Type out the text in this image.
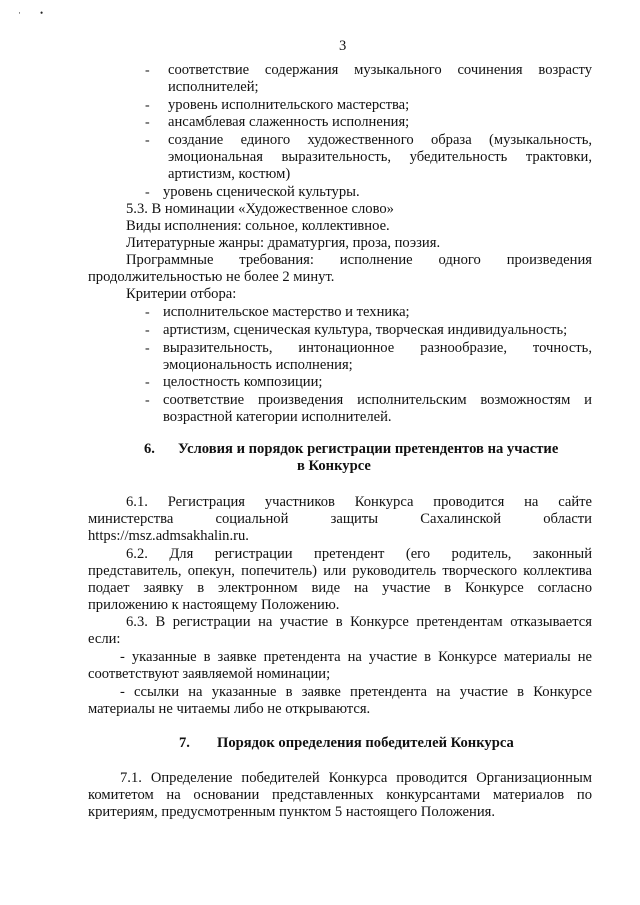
· •
3
- соответствие содержания музыкального сочинения возрасту
исполнителей;
- уровень исполнительского мастерства;
- ансамблевая слаженность исполнения;
- создание единого художественного образа (музыкальность,
эмоциональная выразительность, убедительность трактовки,
артистизм, костюм)
- уровень сценической культуры.
5.3. В номинации «Художественное слово»
Виды исполнения: сольное, коллективное.
Литературные жанры: драматургия, проза, поэзия.
Программные требования: исполнение одного произведения
продолжительностью не более 2 минут.
Критерии отбора:
- исполнительское мастерство и техника;
- артистизм, сценическая культура, творческая индивидуальность;
- выразительность, интонационное разнообразие, точность,
эмоциональность исполнения;
- целостность композиции;
- соответствие произведения исполнительским возможностям и
возрастной категории исполнителей.
6. Условия и порядок регистрации претендентов на участие
в Конкурсе
6.1. Регистрация участников Конкурса проводится на сайте
министерства социальной защиты Сахалинской области
https://msz.admsakhalin.ru.
6.2. Для регистрации претендент (его родитель, законный
представитель, опекун, попечитель) или руководитель творческого коллектива
подает заявку в электронном виде на участие в Конкурсе согласно
приложению к настоящему Положению.
6.3. В регистрации на участие в Конкурсе претендентам отказывается
если:
- указанные в заявке претендента на участие в Конкурсе материалы не
соответствуют заявляемой номинации;
- ссылки на указанные в заявке претендента на участие в Конкурсе
материалы не читаемы либо не открываются.
7. Порядок определения победителей Конкурса
7.1. Определение победителей Конкурса проводится Организационным
комитетом на основании представленных конкурсантами материалов по
критериям, предусмотренным пунктом 5 настоящего Положения.
